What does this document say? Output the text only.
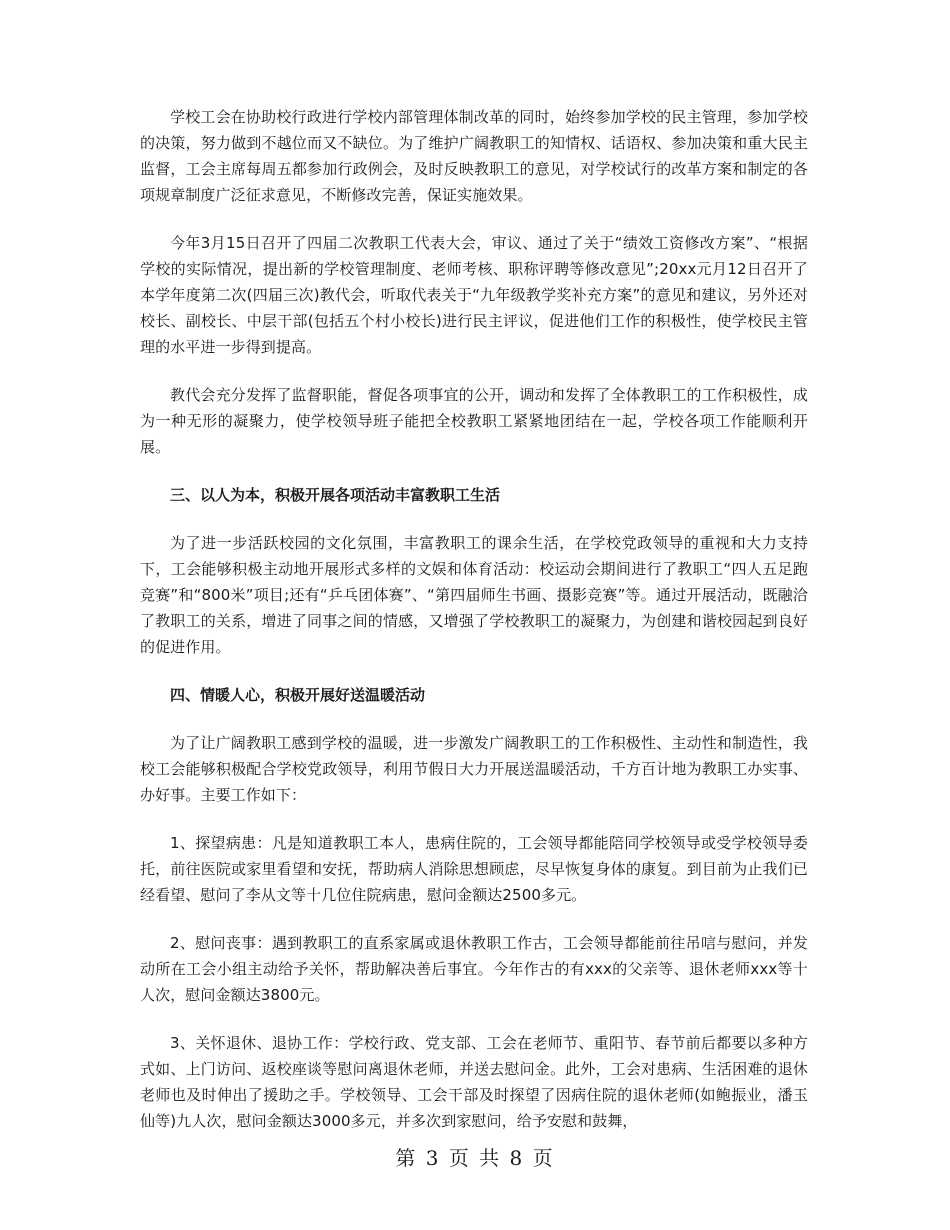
学校工会在协助校行政进行学校内部管理体制改革的同时，始终参加学校的民主管理，参加学校的决策，努力做到不越位而又不缺位。为了维护广阔教职工的知情权、话语权、参加决策和重大民主监督，工会主席每周五都参加行政例会，及时反映教职工的意见，对学校试行的改革方案和制定的各项规章制度广泛征求意见，不断修改完善，保证实施效果。

今年3月15日召开了四届二次教职工代表大会，审议、通过了关于“绩效工资修改方案”、“根据学校的实际情况，提出新的学校管理制度、老师考核、职称评聘等修改意见”;20xx元月12日召开了本学年度第二次(四届三次)教代会，听取代表关于“九年级教学奖补充方案”的意见和建议，另外还对校长、副校长、中层干部(包括五个村小校长)进行民主评议，促进他们工作的积极性，使学校民主管理的水平进一步得到提高。

教代会充分发挥了监督职能，督促各项事宜的公开，调动和发挥了全体教职工的工作积极性，成为一种无形的凝聚力，使学校领导班子能把全校教职工紧紧地团结在一起，学校各项工作能顺利开展。

三、以人为本，积极开展各项活动丰富教职工生活

为了进一步活跃校园的文化氛围，丰富教职工的课余生活，在学校党政领导的重视和大力支持下，工会能够积极主动地开展形式多样的文娱和体育活动：校运动会期间进行了教职工“四人五足跑竞赛”和“800米”项目;还有“乒乓团体赛”、“第四届师生书画、摄影竞赛”等。通过开展活动，既融洽了教职工的关系，增进了同事之间的情感，又增强了学校教职工的凝聚力，为创建和谐校园起到良好的促进作用。

四、情暖人心，积极开展好送温暖活动

为了让广阔教职工感到学校的温暖，进一步激发广阔教职工的工作积极性、主动性和制造性，我校工会能够积极配合学校党政领导，利用节假日大力开展送温暖活动，千方百计地为教职工办实事、办好事。主要工作如下：

1、探望病患：凡是知道教职工本人，患病住院的，工会领导都能陪同学校领导或受学校领导委托，前往医院或家里看望和安抚，帮助病人消除思想顾虑，尽早恢复身体的康复。到目前为止我们已经看望、慰问了李从文等十几位住院病患，慰问金额达2500多元。

2、慰问丧事：遇到教职工的直系家属或退休教职工作古，工会领导都能前往吊唁与慰问，并发动所在工会小组主动给予关怀，帮助解决善后事宜。今年作古的有xxx的父亲等、退休老师xxx等十人次，慰问金额达3800元。

3、关怀退休、退协工作：学校行政、党支部、工会在老师节、重阳节、春节前后都要以多种方式如、上门访问、返校座谈等慰问离退休老师，并送去慰问金。此外，工会对患病、生活困难的退休老师也及时伸出了援助之手。学校领导、工会干部及时探望了因病住院的退休老师(如鲍振业，潘玉仙等)九人次，慰问金额达3000多元，并多次到家慰问，给予安慰和鼓舞，

第 3 页 共 8 页
